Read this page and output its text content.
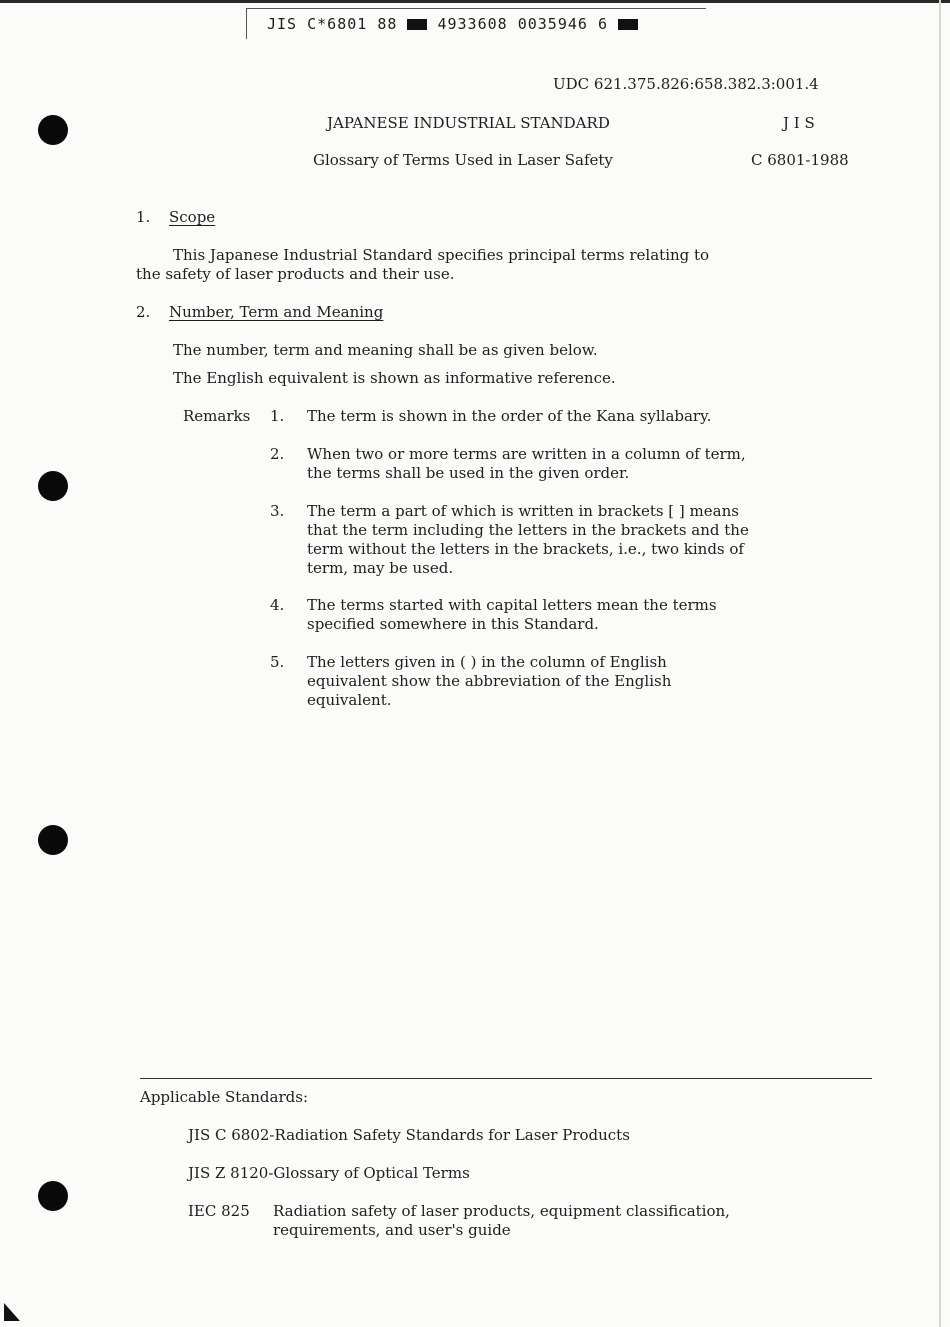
JIS C*6801 88	4933608 0035946 6
UDC 621.375.826:658.382.3:001.4
JAPANESE INDUSTRIAL STANDARD	J I S
Glossary of Terms Used in Laser Safety	C 6801-1988
1. Scope
This Japanese Industrial Standard specifies principal terms relating to
the safety of laser products and their use.
2. Number, Term and Meaning
The number, term and meaning shall be as given below.
The English equivalent is shown as informative reference.
Remarks 1. The term is shown in the order of the Kana syllabary.
2. When two or more terms are written in a column of term,
the terms shall be used in the given order.
3. The term a part of which is written in brackets [ ] means
that the term including the letters in the brackets and the
term without the letters in the brackets, i.e., two kinds of
term, may be used.
4. The terms started with capital letters mean the terms
specified somewhere in this Standard.
5. The letters given in ( ) in the column of English
equivalent show the abbreviation of the English
equivalent.
Applicable Standards:
JIS C 6802-Radiation Safety Standards for Laser Products
JIS Z 8120-Glossary of Optical Terms
IEC 825 Radiation safety of laser products, equipment classification,
requirements, and user's guide
